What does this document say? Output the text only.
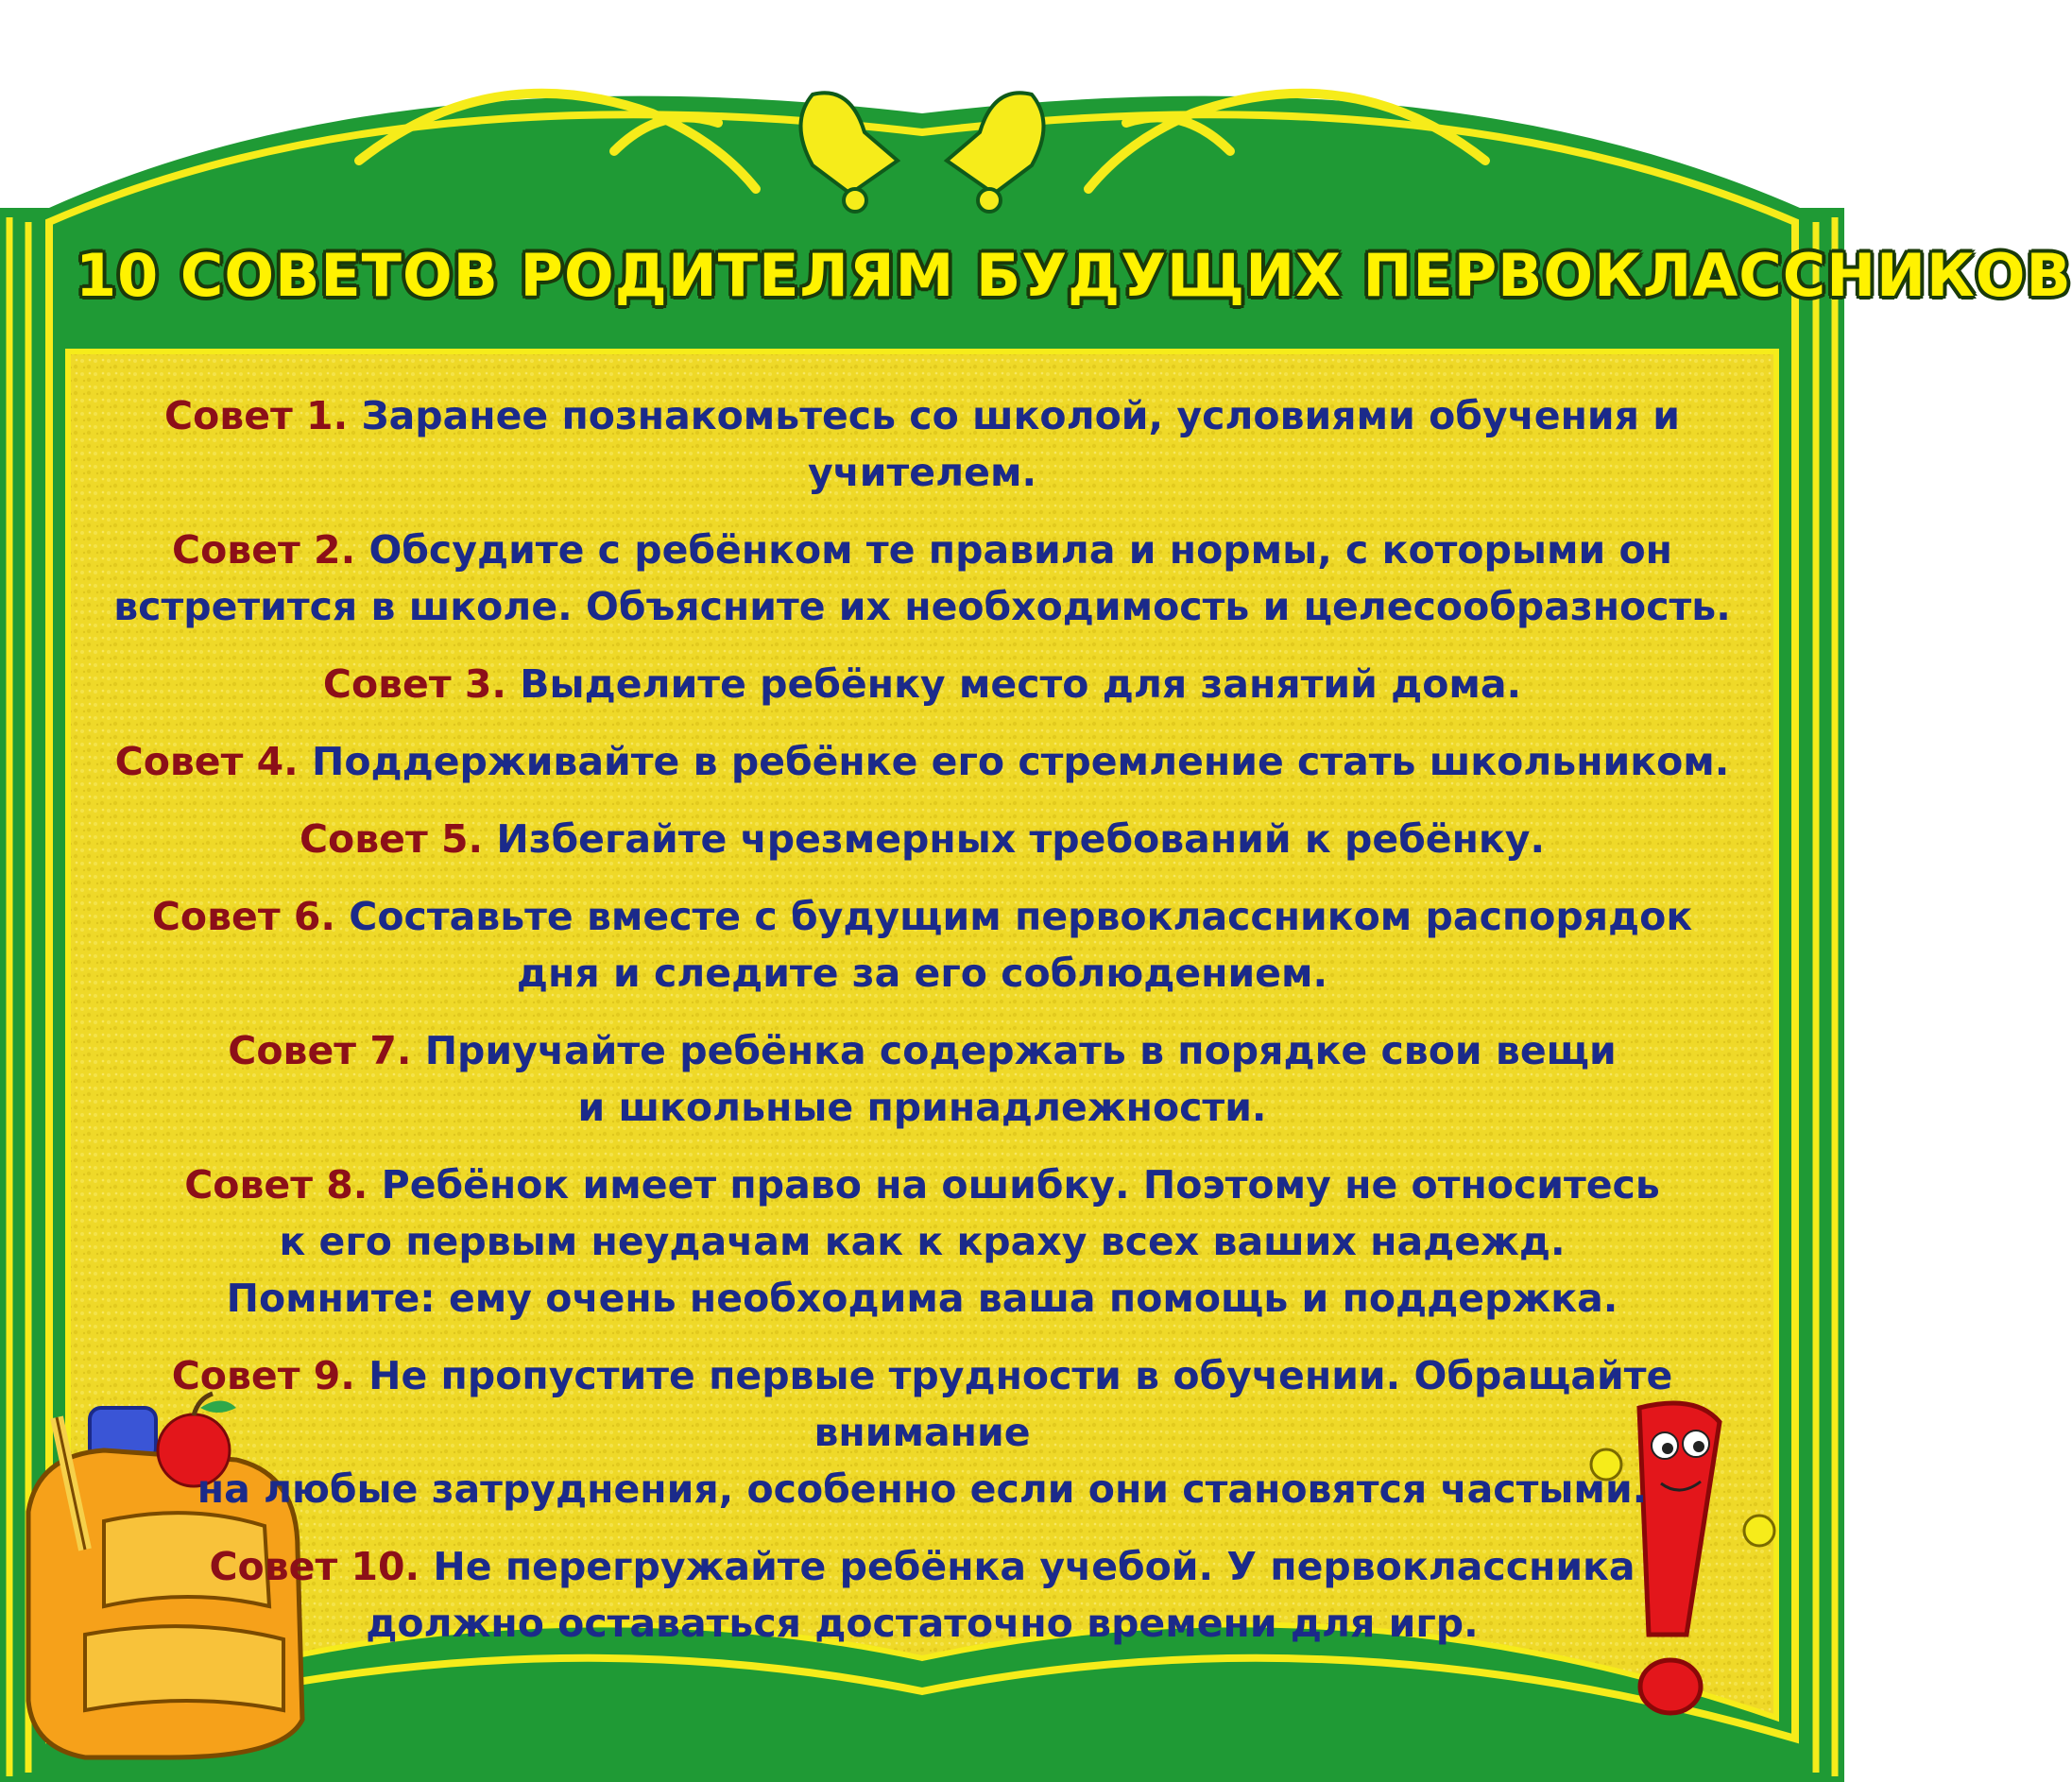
10 СОВЕТОВ РОДИТЕЛЯМ БУДУЩИХ ПЕРВОКЛАССНИКОВ
Совет 1. Заранее познакомьтесь со школой, условиями обучения и учителем.
Совет 2. Обсудите с ребёнком те правила и нормы, с которыми он
встретится в школе. Объясните их необходимость и целесообразность.
Совет 3. Выделите ребёнку место для занятий дома.
Совет 4. Поддерживайте в ребёнке его стремление стать школьником.
Совет 5. Избегайте чрезмерных требований к ребёнку.
Совет 6. Составьте вместе с будущим первоклассником распорядок
дня и следите за его соблюдением.
Совет 7. Приучайте ребёнка содержать в порядке свои вещи
и школьные принадлежности.
Совет 8. Ребёнок имеет право на ошибку. Поэтому не относитесь
к его первым неудачам как к краху всех ваших надежд.
Помните: ему очень необходима ваша помощь и поддержка.
Совет 9. Не пропустите первые трудности в обучении. Обращайте внимание
на любые затруднения, особенно если они становятся частыми.
Совет 10. Не перегружайте ребёнка учебой. У первоклассника
должно оставаться достаточно времени для игр.
